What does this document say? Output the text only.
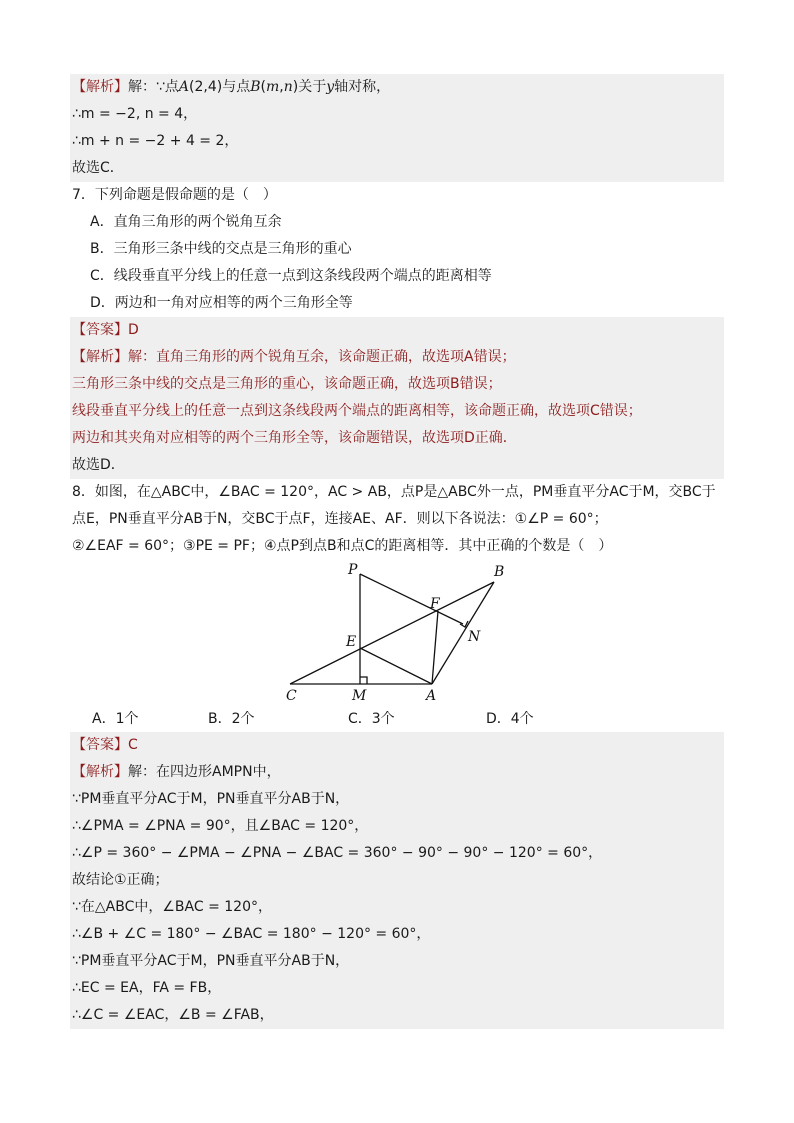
【解析】解：∵点A(2,4)与点B(m,n)关于y轴对称，
∴m = −2, n = 4，
∴m + n = −2 + 4 = 2，
故选C．
7．下列命题是假命题的是（　）
A．直角三角形的两个锐角互余
B．三角形三条中线的交点是三角形的重心
C．线段垂直平分线上的任意一点到这条线段两个端点的距离相等
D．两边和一角对应相等的两个三角形全等
【答案】D
【解析】解：直角三角形的两个锐角互余，该命题正确，故选项A错误；
三角形三条中线的交点是三角形的重心，该命题正确，故选项B错误；
线段垂直平分线上的任意一点到这条线段两个端点的距离相等，该命题正确，故选项C错误；
两边和其夹角对应相等的两个三角形全等，该命题错误，故选项D正确．
故选D．
8．如图，在△ABC中，∠BAC = 120°，AC > AB，点P是△ABC外一点，PM垂直平分AC于M，交BC于
点E，PN垂直平分AB于N，交BC于点F，连接AE、AF．则以下各说法：①∠P = 60°；
②∠EAF = 60°；③PE = PF；④点P到点B和点C的距离相等．其中正确的个数是（　）
P	B
F
N
E
C	M	A
A．1个	B．2个	C．3个	D．4个
【答案】C
【解析】解：在四边形AMPN中，
∵PM垂直平分AC于M，PN垂直平分AB于N，
∴∠PMA = ∠PNA = 90°，且∠BAC = 120°，
∴∠P = 360° − ∠PMA − ∠PNA − ∠BAC = 360° − 90° − 90° − 120° = 60°，
故结论①正确；
∵在△ABC中，∠BAC = 120°，
∴∠B + ∠C = 180° − ∠BAC = 180° − 120° = 60°，
∵PM垂直平分AC于M，PN垂直平分AB于N，
∴EC = EA，FA = FB，
∴∠C = ∠EAC，∠B = ∠FAB，
